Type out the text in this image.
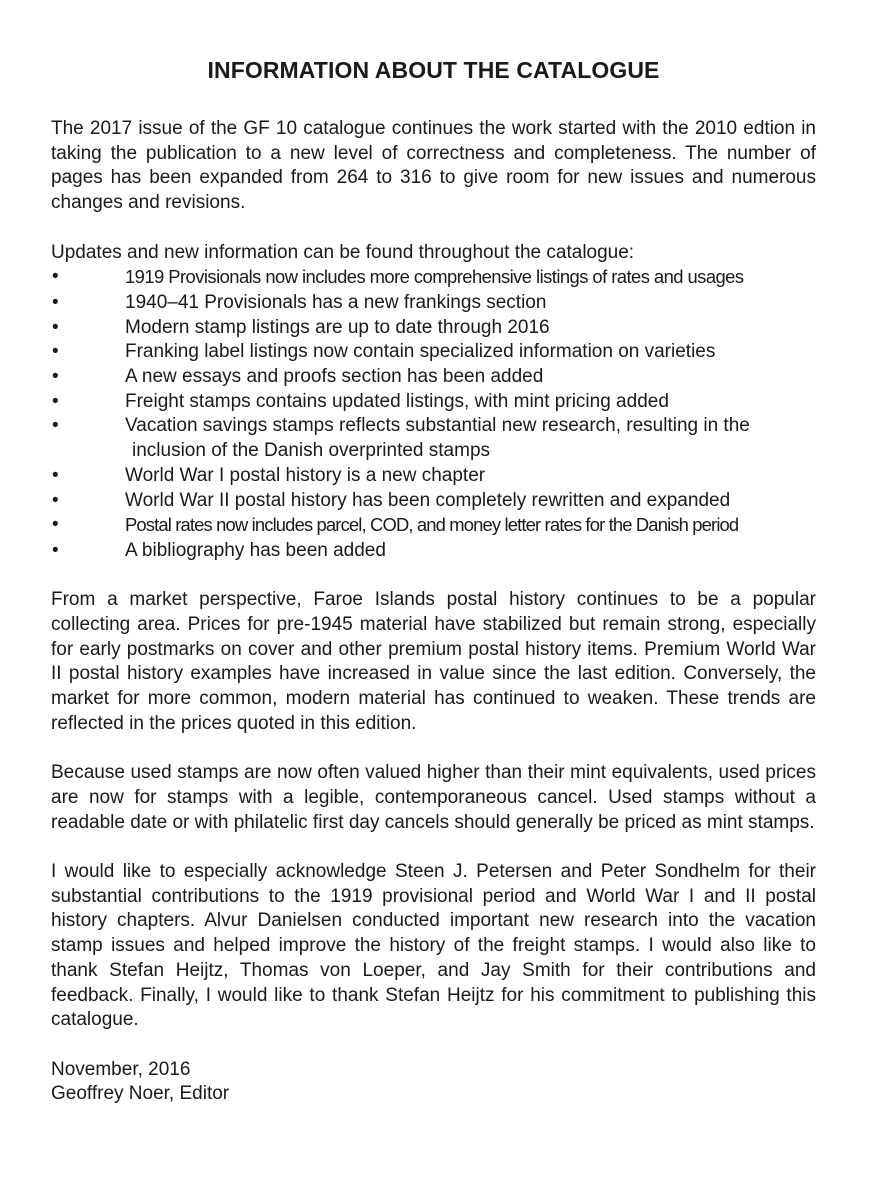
INFORMATION ABOUT THE CATALOGUE

The 2017 issue of the GF 10 catalogue continues the work started with the 2010 edtion in taking the publication to a new level of correctness and completeness. The number of pages has been expanded from 264 to 316 to give room for new issues and numerous changes and revisions.

Updates and new information can be found throughout the catalogue:
•	1919 Provisionals now includes more comprehensive listings of rates and usages
•	1940–41 Provisionals has a new frankings section
•	Modern stamp listings are up to date through 2016
•	Franking label listings now contain specialized information on varieties
•	A new essays and proofs section has been added
•	Freight stamps contains updated listings, with mint pricing added
•	Vacation savings stamps reflects substantial new research, resulting in the
inclusion of the Danish overprinted stamps
•	World War I postal history is a new chapter
•	World War II postal history has been completely rewritten and expanded
•	Postal rates now includes parcel, COD, and money letter rates for the Danish period
•	A bibliography has been added

From a market perspective, Faroe Islands postal history continues to be a popular collecting area. Prices for pre-1945 material have stabilized but remain strong, especially for early postmarks on cover and other premium postal history items. Premium World War II postal history examples have increased in value since the last edition. Conversely, the market for more common, modern material has continued to weaken. These trends are reflected in the prices quoted in this edition.

Because used stamps are now often valued higher than their mint equivalents, used prices are now for stamps with a legible, contemporaneous cancel. Used stamps without a readable date or with philatelic first day cancels should generally be priced as mint stamps.

I would like to especially acknowledge Steen J. Petersen and Peter Sondhelm for their substantial contributions to the 1919 provisional period and World War I and II postal history chapters. Alvur Danielsen conducted important new research into the vacation stamp issues and helped improve the history of the freight stamps. I would also like to thank Stefan Heijtz, Thomas von Loeper, and Jay Smith for their contributions and feedback. Finally, I would like to thank Stefan Heijtz for his commitment to publishing this catalogue.

November, 2016
Geoffrey Noer, Editor
